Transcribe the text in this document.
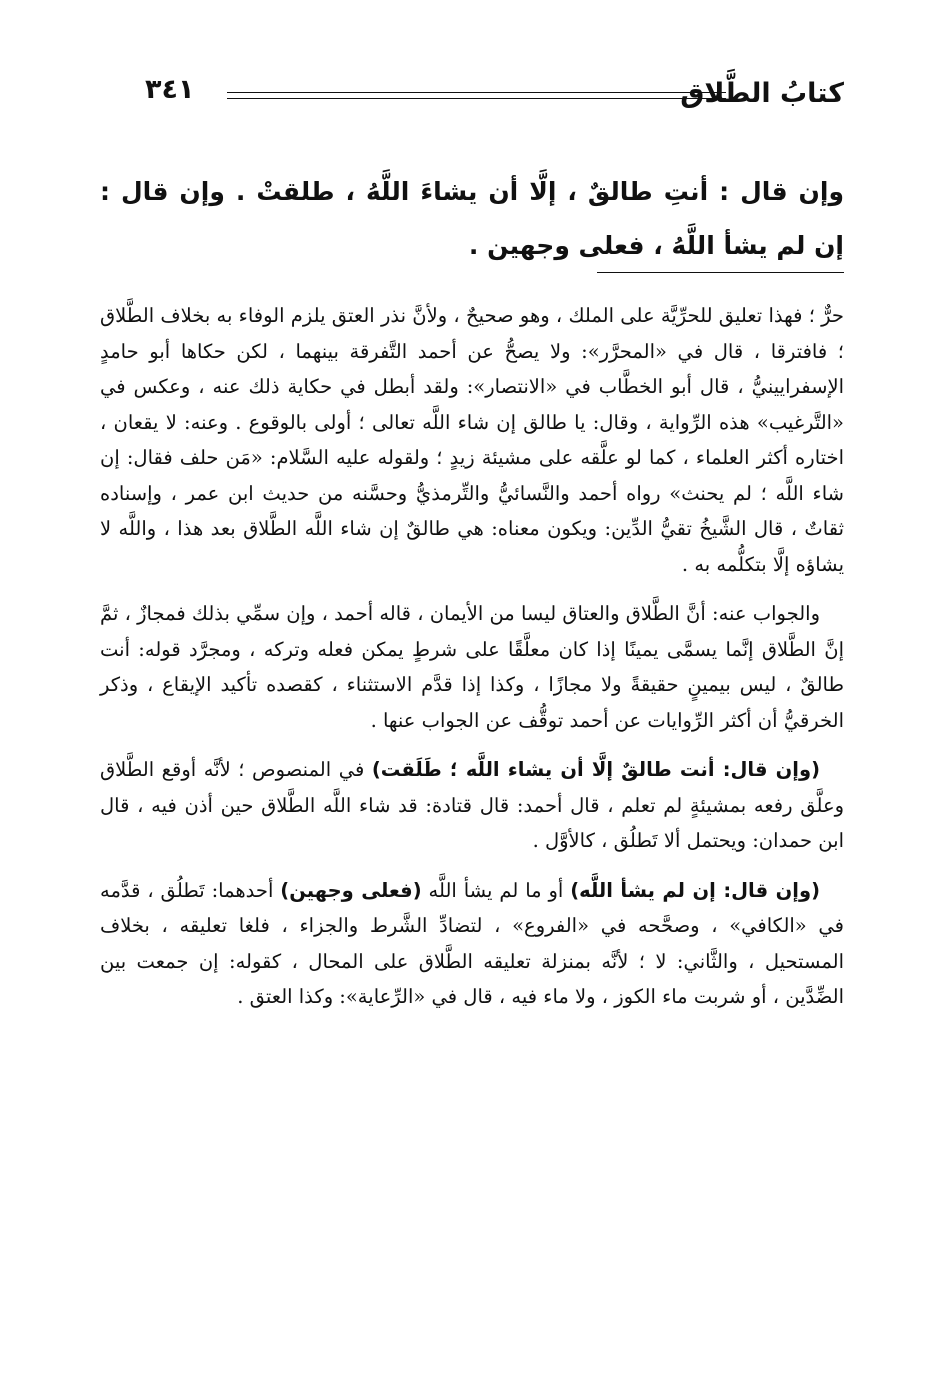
كتابُ الطَّلاق
٣٤١
وإن قال : أنتِ طالقٌ ، إلَّا أن يشاءَ اللَّهُ ، طلقتْ . وإن قال : إن لم يشأ اللَّهُ ، فعلى وجهين .

حرٌّ ؛ فهذا تعليق للحرِّيَّة على الملك ، وهو صحيحٌ ، ولأنَّ نذر العتق يلزم الوفاء به بخلاف الطَّلاق ؛ فافترقا ، قال في «المحرَّر»: ولا يصحُّ عن أحمد التَّفرقة بينهما ، لكن حكاها أبو حامدٍ الإسفرايينيُّ ، قال أبو الخطَّاب في «الانتصار»: ولقد أبطل في حكاية ذلك عنه ، وعكس في «التَّرغيب» هذه الرِّواية ، وقال: يا طالق إن شاء اللَّه تعالى ؛ أولى بالوقوع . وعنه: لا يقعان ، اختاره أكثر العلماء ، كما لو علَّقه على مشيئة زيدٍ ؛ ولقوله عليه السَّلام: «مَن حلف فقال: إن شاء اللَّه ؛ لم يحنث» رواه أحمد والنَّسائيُّ والتِّرمذيُّ وحسَّنه من حديث ابن عمر ، وإسناده ثقاتٌ ، قال الشَّيخُ تقيُّ الدِّين: ويكون معناه: هي طالقٌ إن شاء اللَّه الطَّلاق بعد هذا ، واللَّه لا يشاؤه إلَّا بتكلُّمه به .

والجواب عنه: أنَّ الطَّلاق والعتاق ليسا من الأيمان ، قاله أحمد ، وإن سمِّي بذلك فمجازٌ ، ثمَّ إنَّ الطَّلاق إنَّما يسمَّى يمينًا إذا كان معلَّقًا على شرطٍ يمكن فعله وتركه ، ومجرَّد قوله: أنت طالقٌ ، ليس بيمينٍ حقيقةً ولا مجازًا ، وكذا إذا قدَّم الاستثناء ، كقصده تأكيد الإيقاع ، وذكر الخرقيُّ أن أكثر الرِّوايات عن أحمد توقُّف عن الجواب عنها .

(وإن قال: أنت طالقٌ إلَّا أن يشاء اللَّه ؛ طَلَقت) في المنصوص ؛ لأنَّه أوقع الطَّلاق وعلَّق رفعه بمشيئةٍ لم تعلم ، قال أحمد: قال قتادة: قد شاء اللَّه الطَّلاق حين أذن فيه ، قال ابن حمدان: ويحتمل ألا تَطلُق ، كالأوَّل .

(وإن قال: إن لم يشأ اللَّه) أو ما لم يشأ اللَّه (فعلى وجهين) أحدهما: تَطلُق ، قدَّمه في «الكافي» ، وصحَّحه في «الفروع» ، لتضادِّ الشَّرط والجزاء ، فلغا تعليقه ، بخلاف المستحيل ، والثَّاني: لا ؛ لأنَّه بمنزلة تعليقه الطَّلاق على المحال ، كقوله: إن جمعت بين الضِّدَّين ، أو شربت ماء الكوز ، ولا ماء فيه ، قال في «الرِّعاية»: وكذا العتق .
